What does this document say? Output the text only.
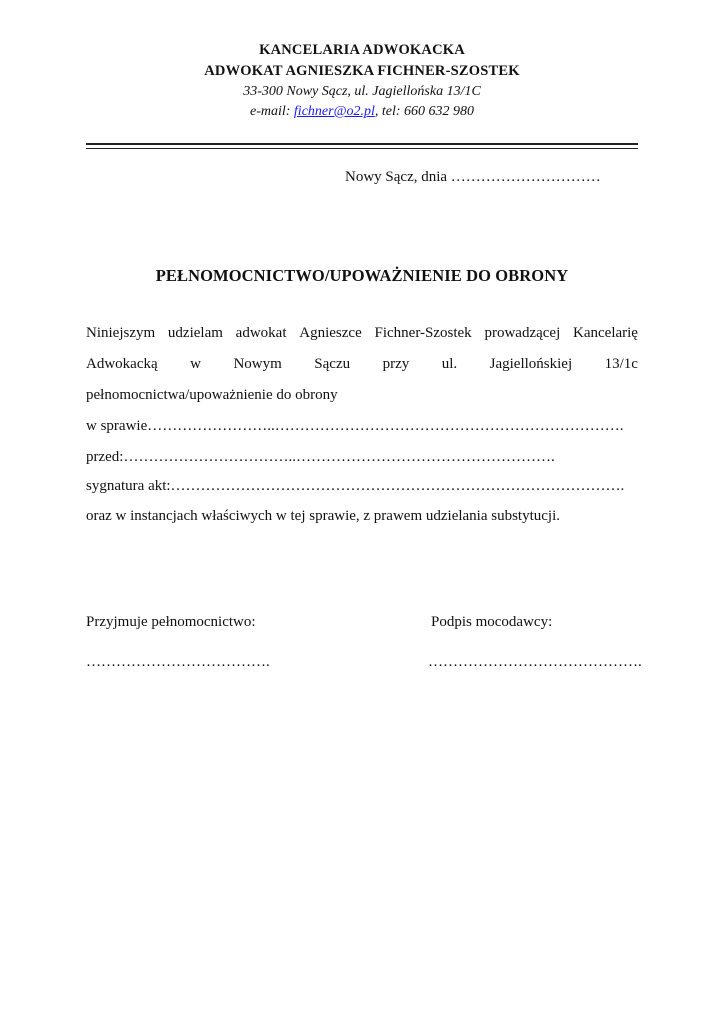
KANCELARIA ADWOKACKA
ADWOKAT AGNIESZKA FICHNER-SZOSTEK
33-300 Nowy Sącz, ul. Jagiellońska 13/1C
e-mail: fichner@o2.pl, tel: 660 632 980
Nowy Sącz, dnia …………………………
PEŁNOMOCNICTWO/UPOWAŻNIENIE DO OBRONY
Niniejszym udzielam adwokat Agnieszce Fichner-Szostek prowadzącej Kancelarię
Adwokacką w Nowym Sączu przy ul. Jagiellońskiej 13/1c
pełnomocnictwa/upoważnienie do obrony
w sprawie……………………..…………………………………………………………….
przed:……………………………..…………………………………………….
sygnatura akt:……………………………………………………………………………….
oraz w instancjach właściwych w tej sprawie, z prawem udzielania substytucji.
Przyjmuje pełnomocnictwo:	Podpis mocodawcy:
……………………………….	…………………………………….
